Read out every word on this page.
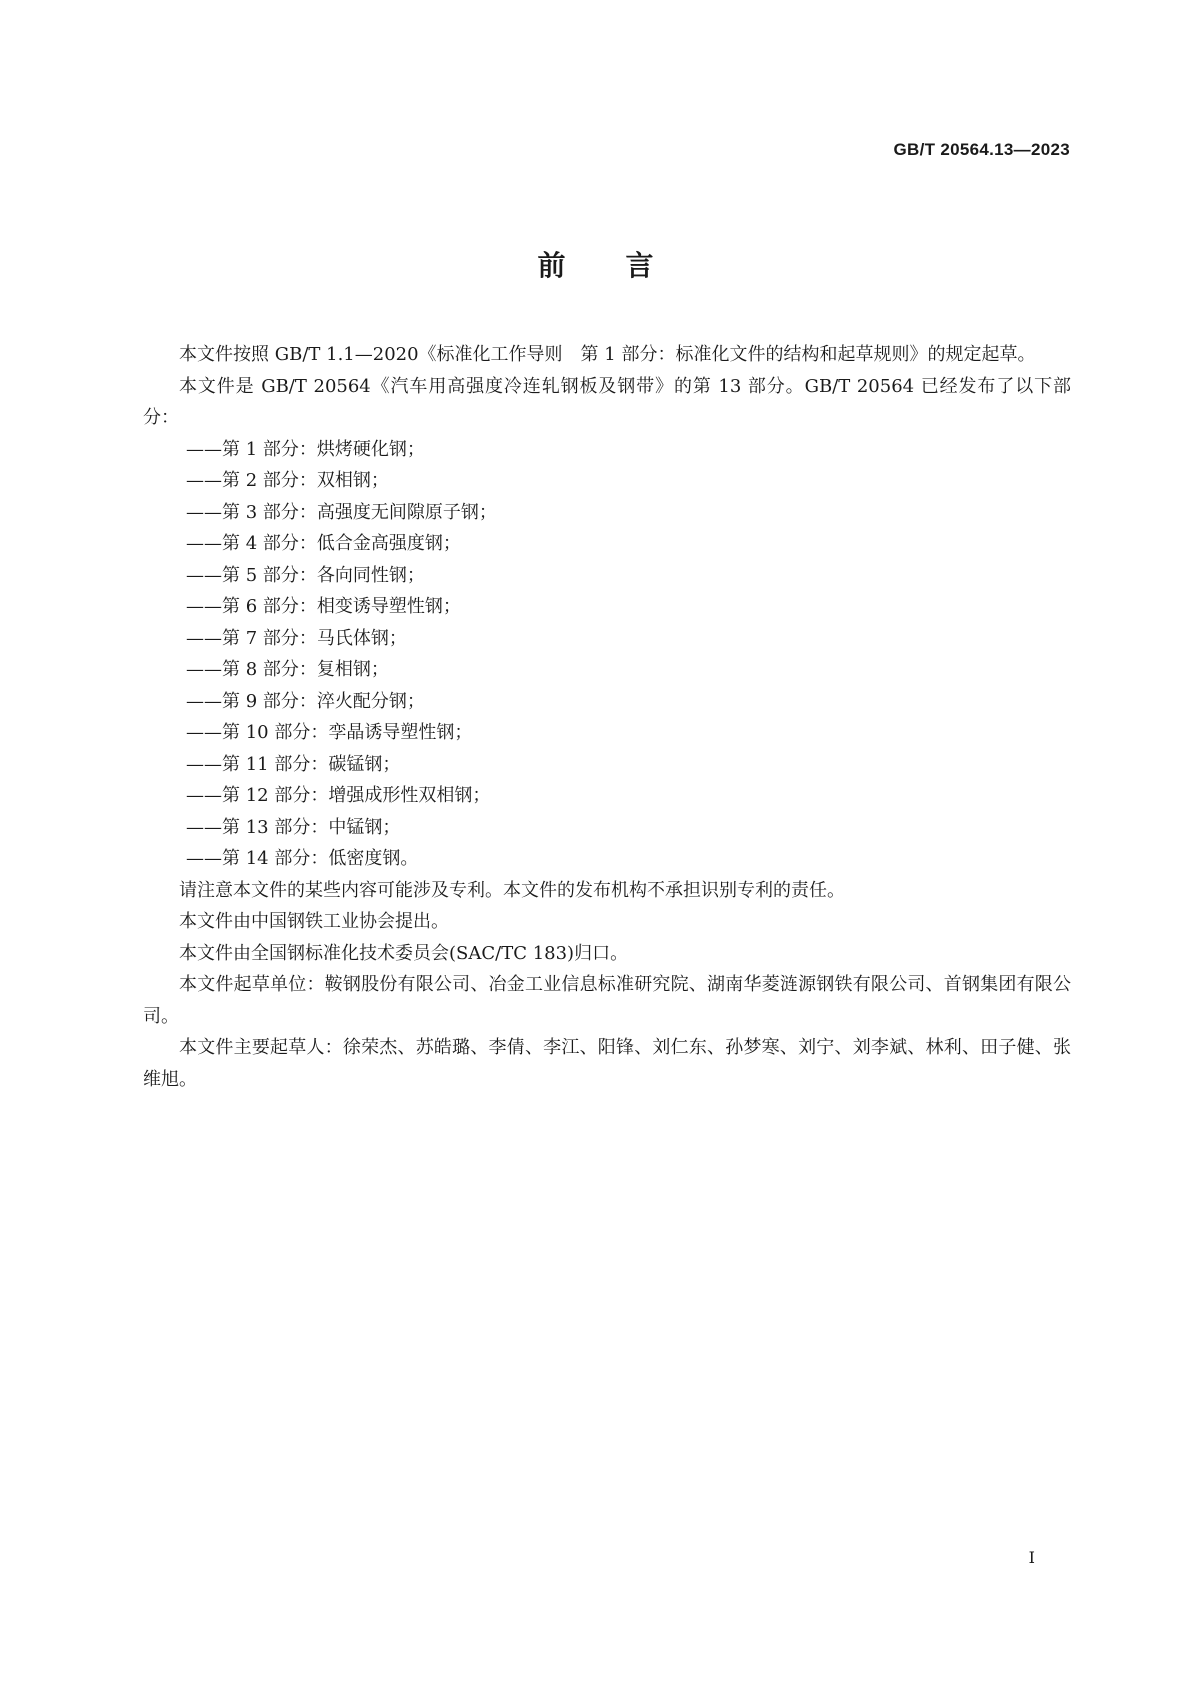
GB/T 20564.13—2023
前言

本文件按照 GB/T 1.1—2020《标准化工作导则　第 1 部分：标准化文件的结构和起草规则》的规定起草。

本文件是 GB/T 20564《汽车用高强度冷连轧钢板及钢带》的第 13 部分。GB/T 20564 已经发布了以下部分：

——第 1 部分：烘烤硬化钢；

——第 2 部分：双相钢；

——第 3 部分：高强度无间隙原子钢；

——第 4 部分：低合金高强度钢；

——第 5 部分：各向同性钢；

——第 6 部分：相变诱导塑性钢；

——第 7 部分：马氏体钢；

——第 8 部分：复相钢；

——第 9 部分：淬火配分钢；

——第 10 部分：孪晶诱导塑性钢；

——第 11 部分：碳锰钢；

——第 12 部分：增强成形性双相钢；

——第 13 部分：中锰钢；

——第 14 部分：低密度钢。

请注意本文件的某些内容可能涉及专利。本文件的发布机构不承担识别专利的责任。

本文件由中国钢铁工业协会提出。

本文件由全国钢标准化技术委员会(SAC/TC 183)归口。

本文件起草单位：鞍钢股份有限公司、冶金工业信息标准研究院、湖南华菱涟源钢铁有限公司、首钢集团有限公司。

本文件主要起草人：徐荣杰、苏皓璐、李倩、李江、阳锋、刘仁东、孙梦寒、刘宁、刘李斌、林利、田子健、张维旭。

I
